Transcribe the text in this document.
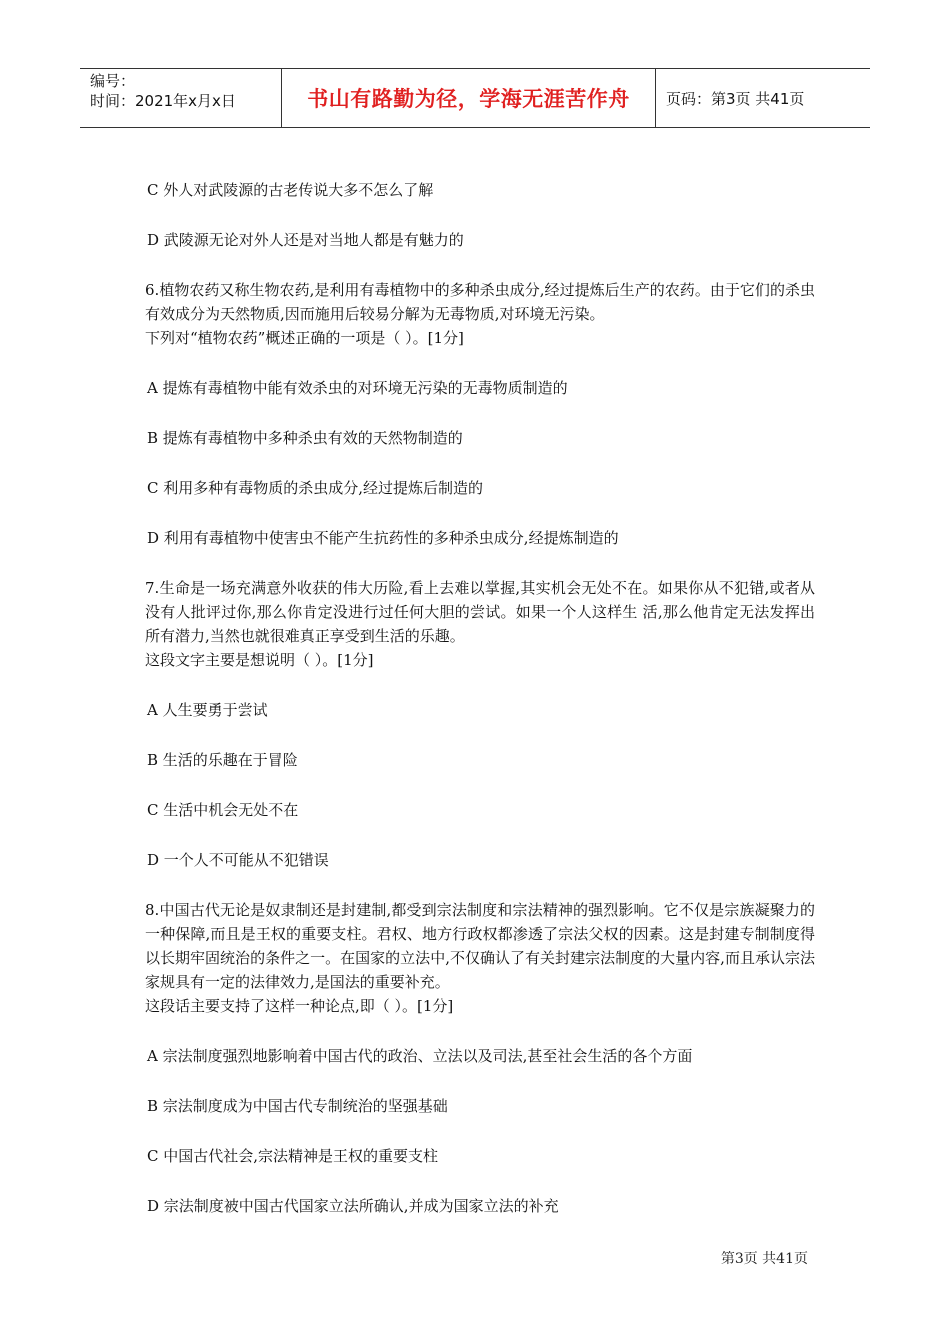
编号：
时间：2021年x月x日	书山有路勤为径，学海无涯苦作舟	页码：第3页 共41页
C 外人对武陵源的古老传说大多不怎么了解
D 武陵源无论对外人还是对当地人都是有魅力的

6.植物农药又称生物农药,是利用有毒植物中的多种杀虫成分,经过提炼后生产的农药。由于它们的杀虫有效成分为天然物质,因而施用后较易分解为无毒物质,对环境无污染。

下列对“植物农药”概述正确的一项是（ ）。[1分]

A 提炼有毒植物中能有效杀虫的对环境无污染的无毒物质制造的
B 提炼有毒植物中多种杀虫有效的天然物制造的
C 利用多种有毒物质的杀虫成分,经过提炼后制造的
D 利用有毒植物中使害虫不能产生抗药性的多种杀虫成分,经提炼制造的

7.生命是一场充满意外收获的伟大历险,看上去难以掌握,其实机会无处不在。如果你从不犯错,或者从没有人批评过你,那么你肯定没进行过任何大胆的尝试。如果一个人这样生 活,那么他肯定无法发挥出所有潜力,当然也就很难真正享受到生活的乐趣。

这段文字主要是想说明（ ）。[1分]

A 人生要勇于尝试
B 生活的乐趣在于冒险
C 生活中机会无处不在
D 一个人不可能从不犯错误

8.中国古代无论是奴隶制还是封建制,都受到宗法制度和宗法精神的强烈影响。它不仅是宗族凝聚力的一种保障,而且是王权的重要支柱。君权、地方行政权都渗透了宗法父权的因素。这是封建专制制度得以长期牢固统治的条件之一。在国家的立法中,不仅确认了有关封建宗法制度的大量内容,而且承认宗法家规具有一定的法律效力,是国法的重要补充。

这段话主要支持了这样一种论点,即（ ）。[1分]

A 宗法制度强烈地影响着中国古代的政治、立法以及司法,甚至社会生活的各个方面
B 宗法制度成为中国古代专制统治的坚强基础
C 中国古代社会,宗法精神是王权的重要支柱
D 宗法制度被中国古代国家立法所确认,并成为国家立法的补充
第3页 共41页
